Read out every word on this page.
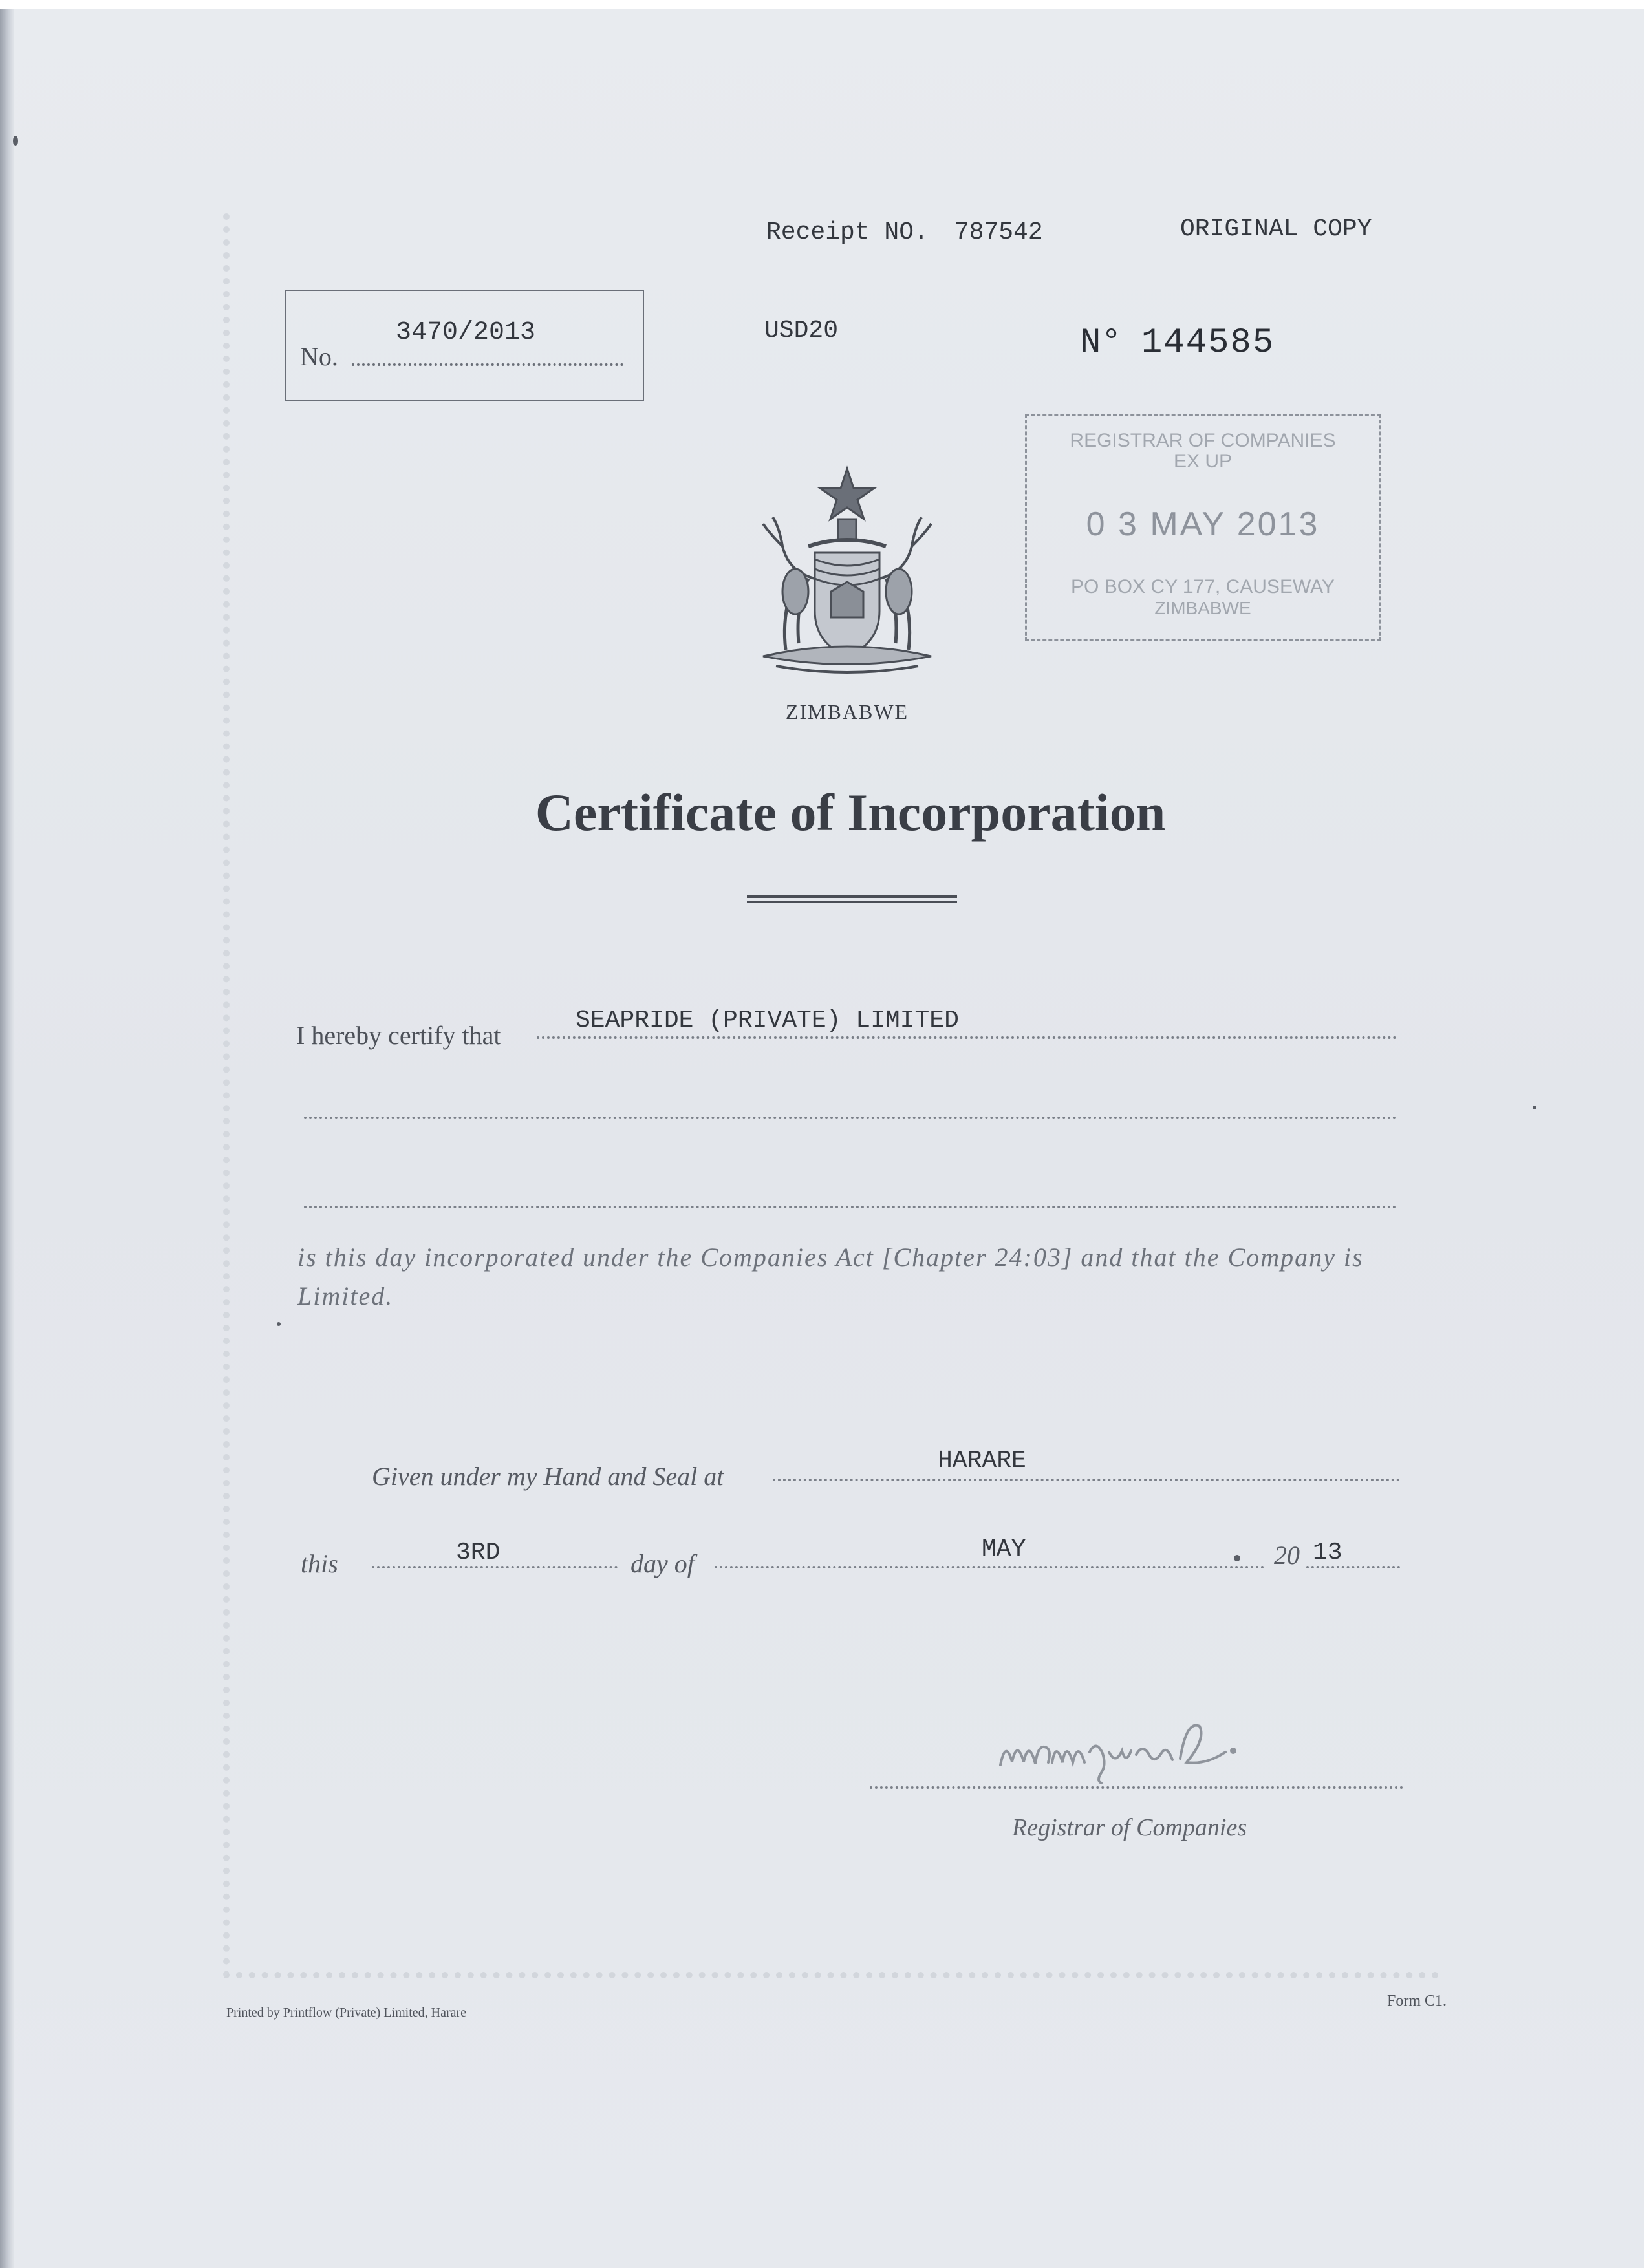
Receipt NO. 787542	ORIGINAL COPY
No.
3470/2013	USD20	N° 144585
REGISTRAR OF COMPANIES
EX UP
0 3 MAY 2013
PO BOX CY 177, CAUSEWAY
ZIMBABWE
ZIMBABWE
Certificate of Incorporation
I hereby certify that
SEAPRIDE (PRIVATE) LIMITED
is this day incorporated under the Companies Act [Chapter 24:03] and that the Company is Limited.
Given under my Hand and Seal at
HARARE
this	3RD	day of	MAY	20 13
Registrar of Companies
Printed by Printflow (Private) Limited, Harare
Form C1.
